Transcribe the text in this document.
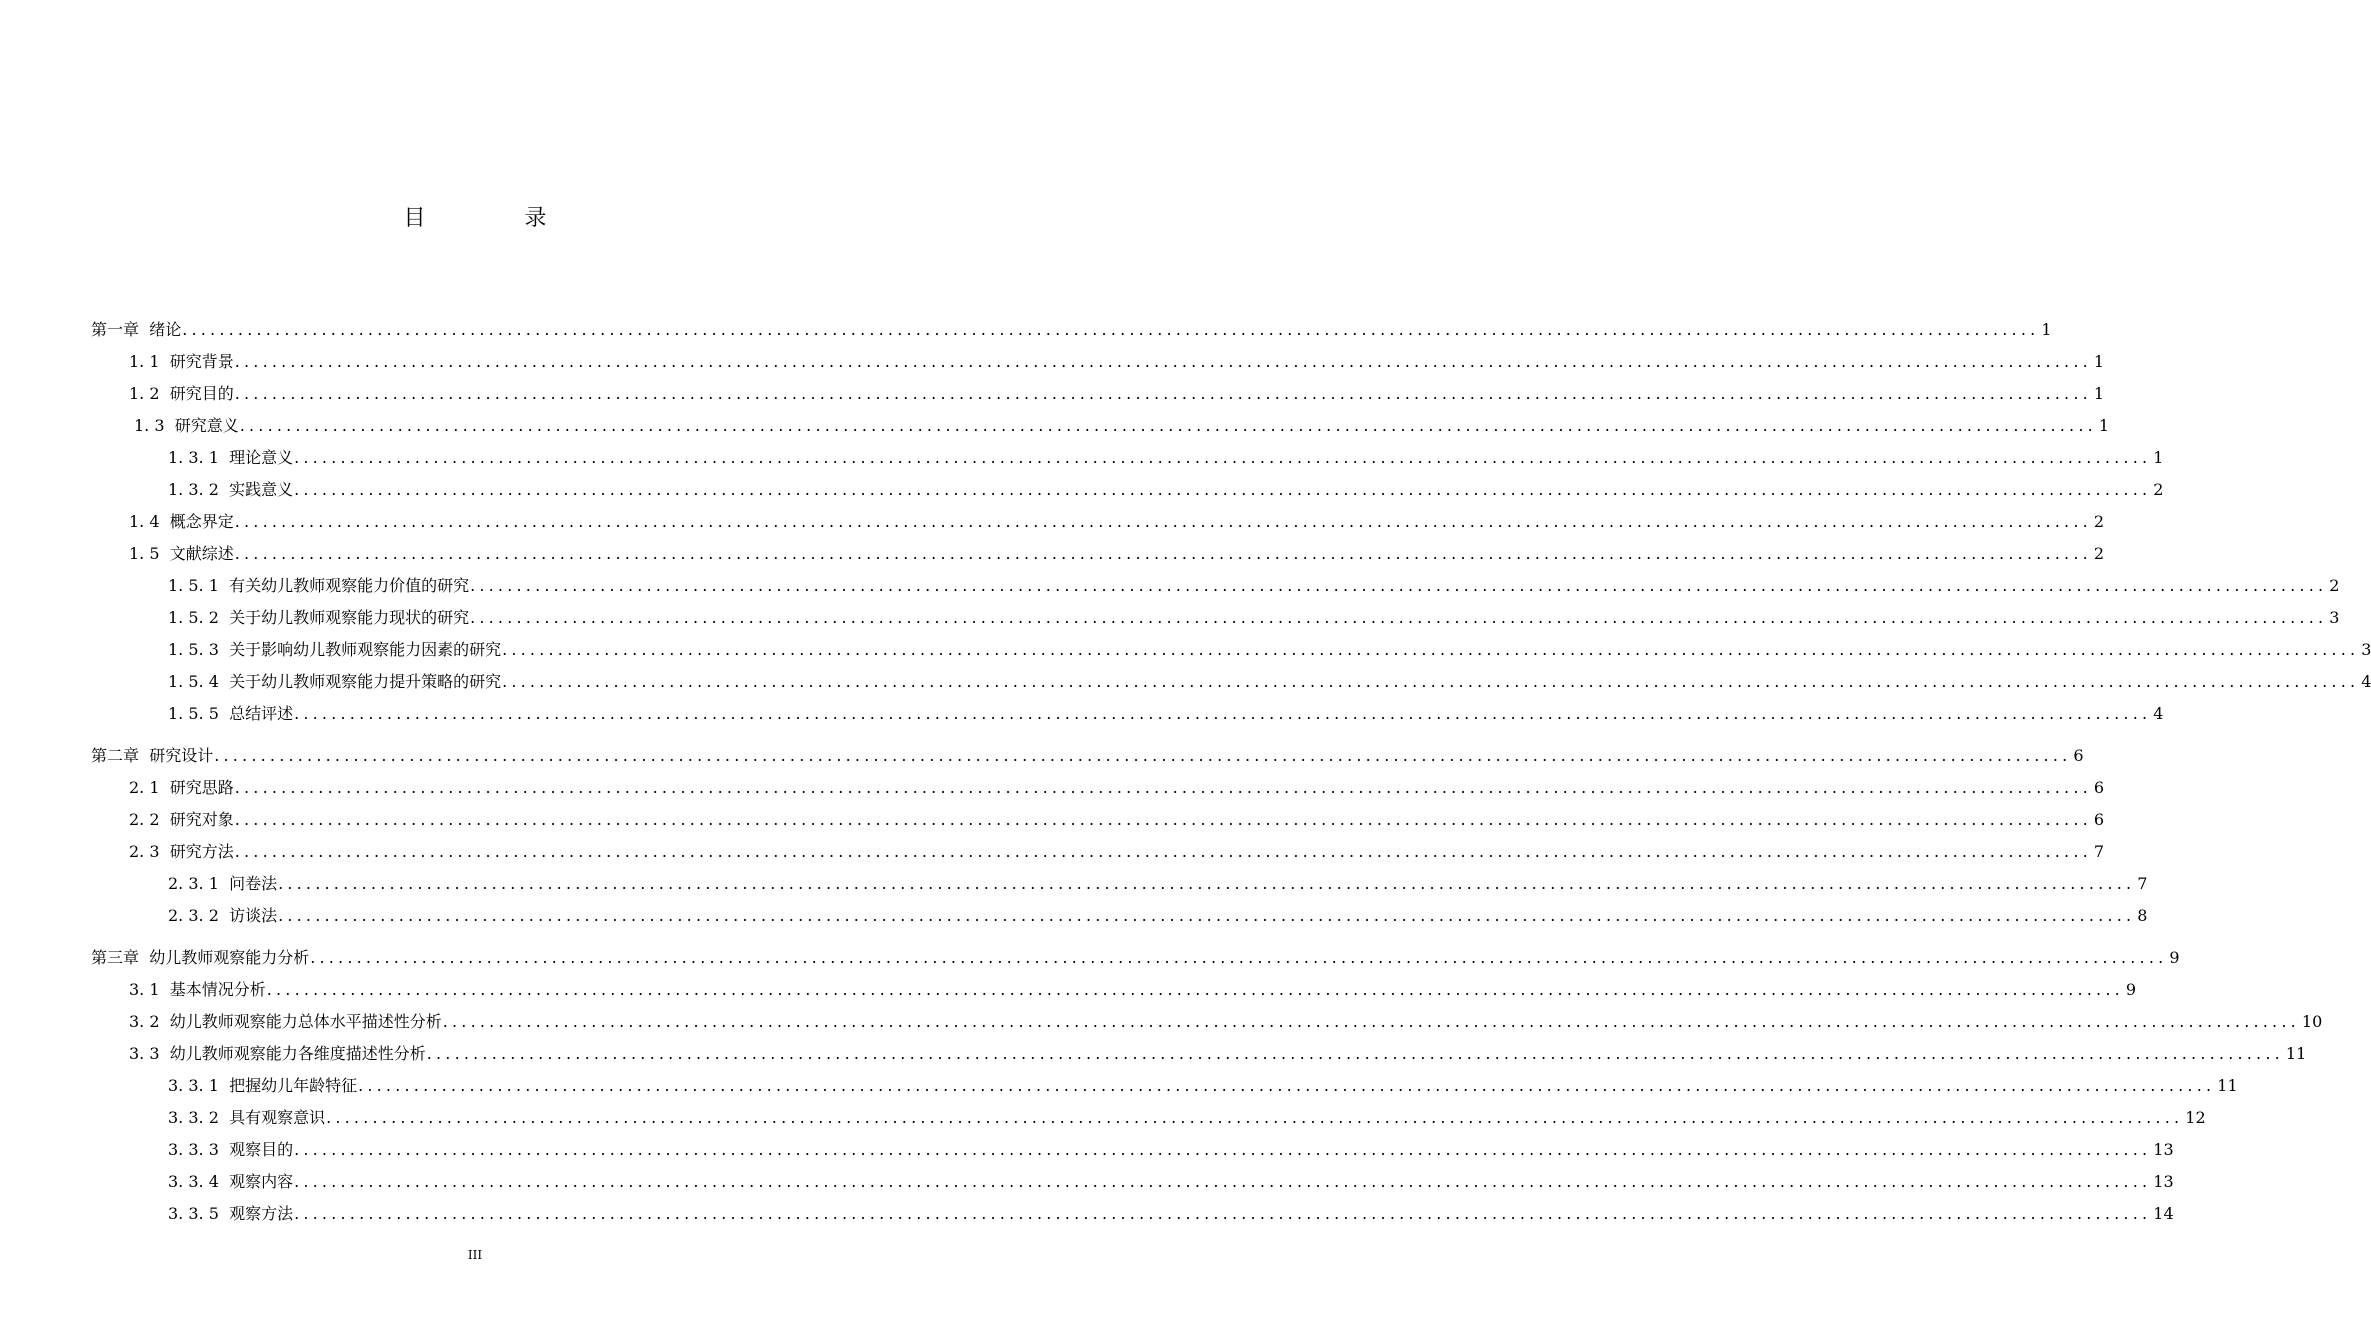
目 录
第一章
绪论 ........................................................................................................................................................................................................ 1
1. 1
研究背景 ........................................................................................................................................................................................................ 1
1. 2
研究目的 ........................................................................................................................................................................................................ 1
1. 3
研究意义 ........................................................................................................................................................................................................ 1
1. 3. 1
理论意义 ........................................................................................................................................................................................................ 1
1. 3. 2
实践意义 ........................................................................................................................................................................................................ 2
1. 4
概念界定 ........................................................................................................................................................................................................ 2
1. 5
文献综述 ........................................................................................................................................................................................................ 2
1. 5. 1
有关幼儿教师观察能力价值的研究 ........................................................................................................................................................................................................ 2
1. 5. 2
关于幼儿教师观察能力现状的研究 ........................................................................................................................................................................................................ 3
1. 5. 3
关于影响幼儿教师观察能力因素的研究 ........................................................................................................................................................................................................ 3
1. 5. 4
关于幼儿教师观察能力提升策略的研究 ........................................................................................................................................................................................................ 4
1. 5. 5
总结评述 ........................................................................................................................................................................................................ 4
第二章
研究设计 ........................................................................................................................................................................................................ 6
2. 1
研究思路 ........................................................................................................................................................................................................ 6
2. 2
研究对象 ........................................................................................................................................................................................................ 6
2. 3
研究方法 ........................................................................................................................................................................................................ 7
2. 3. 1
问卷法 ........................................................................................................................................................................................................ 7
2. 3. 2
访谈法 ........................................................................................................................................................................................................ 8
第三章
幼儿教师观察能力分析 ........................................................................................................................................................................................................ 9
3. 1
基本情况分析 ........................................................................................................................................................................................................ 9
3. 2
幼儿教师观察能力总体水平描述性分析 ........................................................................................................................................................................................................ 10
3. 3
幼儿教师观察能力各维度描述性分析 ........................................................................................................................................................................................................ 11
3. 3. 1
把握幼儿年龄特征 ........................................................................................................................................................................................................ 11
3. 3. 2
具有观察意识 ........................................................................................................................................................................................................ 12
3. 3. 3
观察目的 ........................................................................................................................................................................................................ 13
3. 3. 4
观察内容 ........................................................................................................................................................................................................ 13
3. 3. 5
观察方法 ........................................................................................................................................................................................................ 14
III
